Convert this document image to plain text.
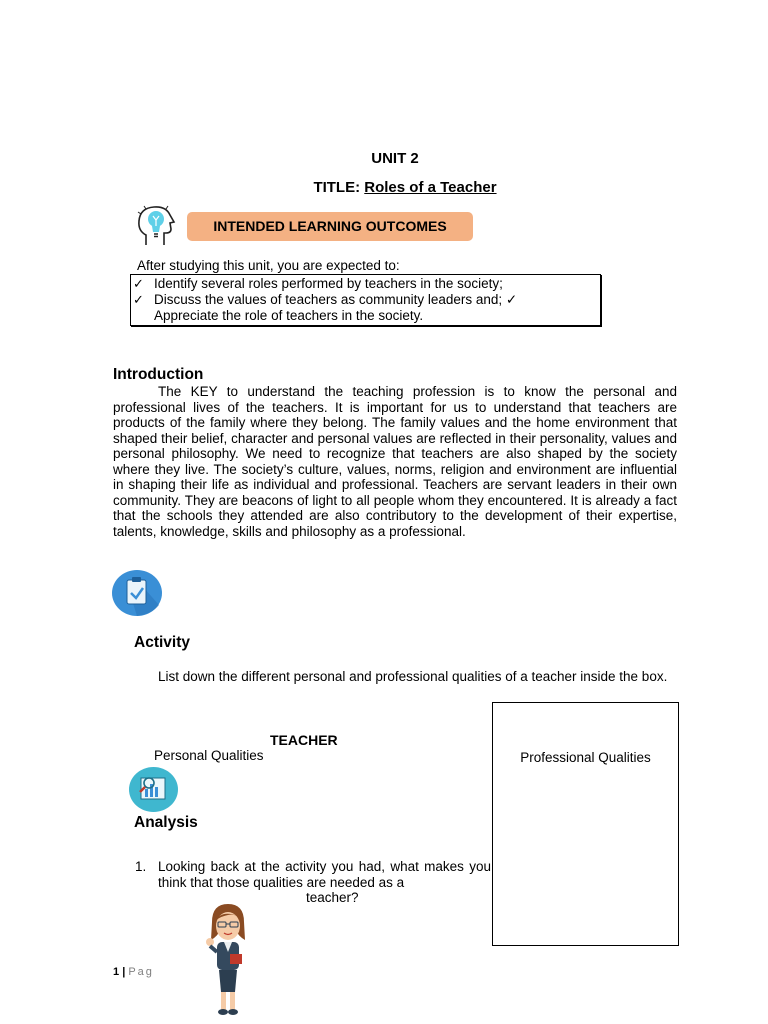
UNIT 2
TITLE: Roles of a Teacher
INTENDED LEARNING OUTCOMES
After studying this unit, you are expected to:
✓ Identify several roles performed by teachers in the society;
✓ Discuss the values of teachers as community leaders and; ✓
Appreciate the role of teachers in the society.
Introduction
The KEY to understand the teaching profession is to know the personal and professional lives of the teachers. It is important for us to understand that teachers are products of the family where they belong. The family values and the home environment that shaped their belief, character and personal values are reflected in their personality, values and personal philosophy. We need to recognize that teachers are also shaped by the society where they live. The society’s culture, values, norms, religion and environment are influential in shaping their life as individual and professional. Teachers are servant leaders in their own community. They are beacons of light to all people whom they encountered. It is already a fact that the schools they attended are also contributory to the development of their expertise, talents, knowledge, skills and philosophy as a professional.
Activity
List down the different personal and professional qualities of a teacher inside the box.
Professional Qualities
TEACHER
Personal Qualities
Analysis
1. Looking back at the activity you had, what makes you think that those qualities are needed as a
teacher?
1 | Pag
